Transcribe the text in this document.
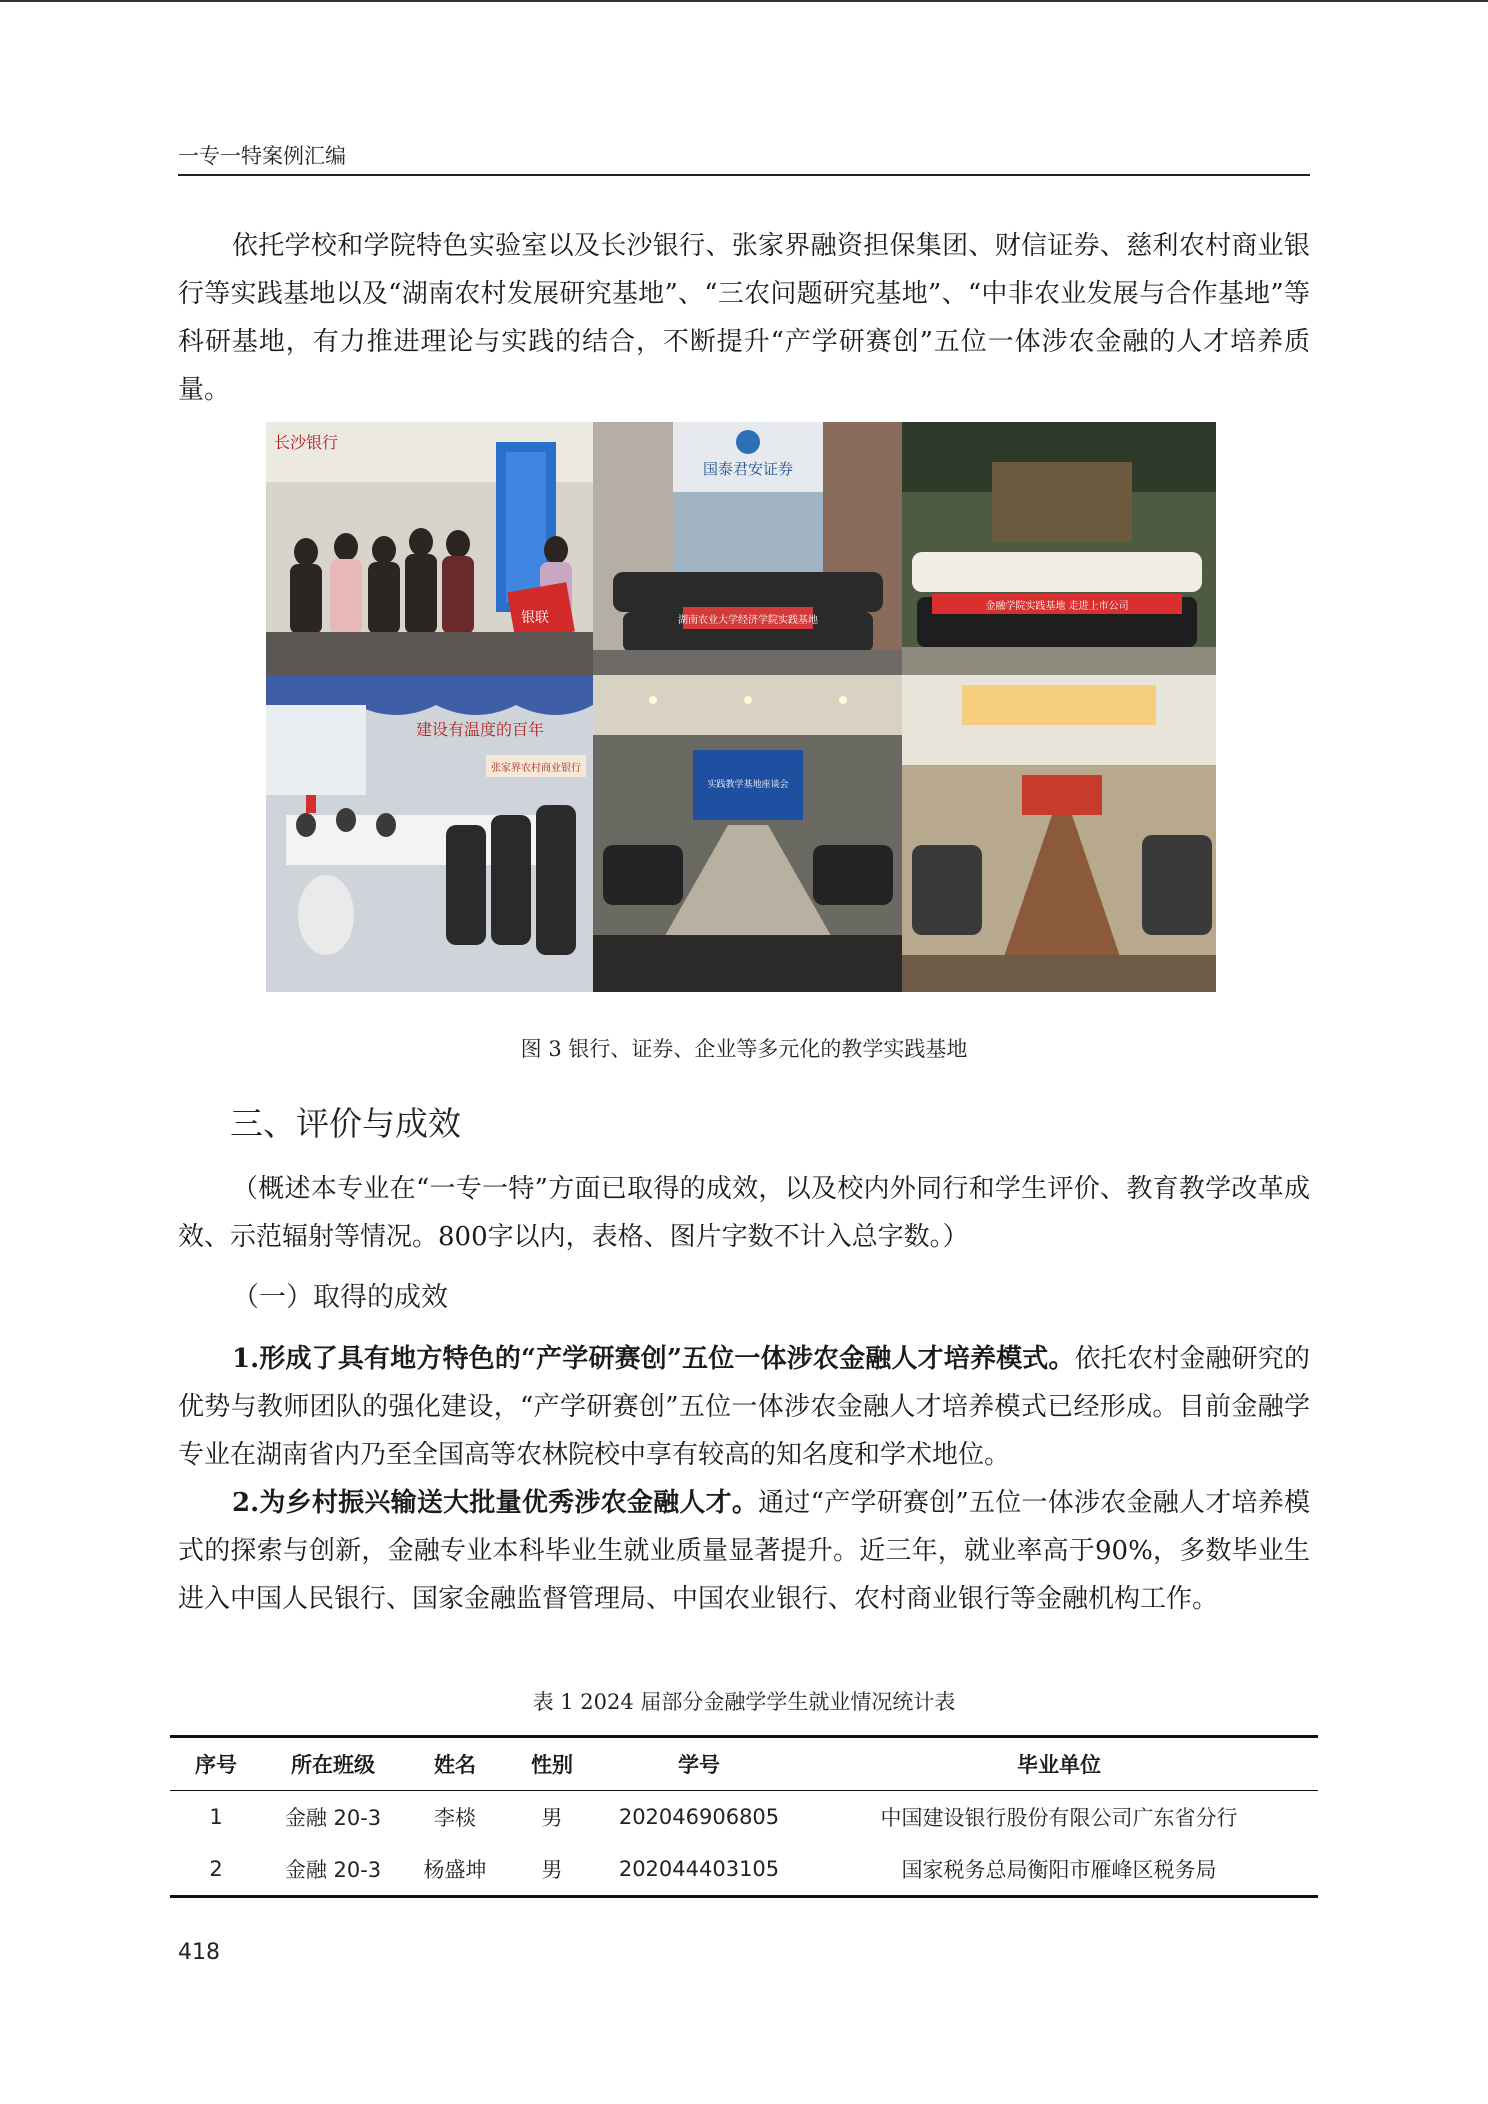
一专一特案例汇编

依托学校和学院特色实验室以及长沙银行、张家界融资担保集团、财信证券、慈利农村商业银行等实践基地以及“湖南农村发展研究基地”、“三农问题研究基地”、“中非农业发展与合作基地”等科研基地，有力推进理论与实践的结合，不断提升“产学研赛创”五位一体涉农金融的人才培养质量。

长沙银行
银联
国泰君安证券
湖南农业大学经济学院实践基地
金融学院实践基地 走进上市公司
建设有温度的百年
张家界农村商业银行
实践教学基地座谈会
图 3 银行、证券、企业等多元化的教学实践基地
三、评价与成效

（概述本专业在“一专一特”方面已取得的成效，以及校内外同行和学生评价、教育教学改革成效、示范辐射等情况。800字以内，表格、图片字数不计入总字数。）

（一）取得的成效

1.形成了具有地方特色的“产学研赛创”五位一体涉农金融人才培养模式。依托农村金融研究的优势与教师团队的强化建设，“产学研赛创”五位一体涉农金融人才培养模式已经形成。目前金融学专业在湖南省内乃至全国高等农林院校中享有较高的知名度和学术地位。

2.为乡村振兴输送大批量优秀涉农金融人才。通过“产学研赛创”五位一体涉农金融人才培养模式的探索与创新，金融专业本科毕业生就业质量显著提升。近三年，就业率高于90%，多数毕业生进入中国人民银行、国家金融监督管理局、中国农业银行、农村商业银行等金融机构工作。

表 1 2024 届部分金融学学生就业情况统计表
序号	所在班级	姓名	性别	学号	毕业单位
1	金融 20-3	李棪	男	202046906805	中国建设银行股份有限公司广东省分行
2	金融 20-3	杨盛坤	男	202044403105	国家税务总局衡阳市雁峰区税务局
418
